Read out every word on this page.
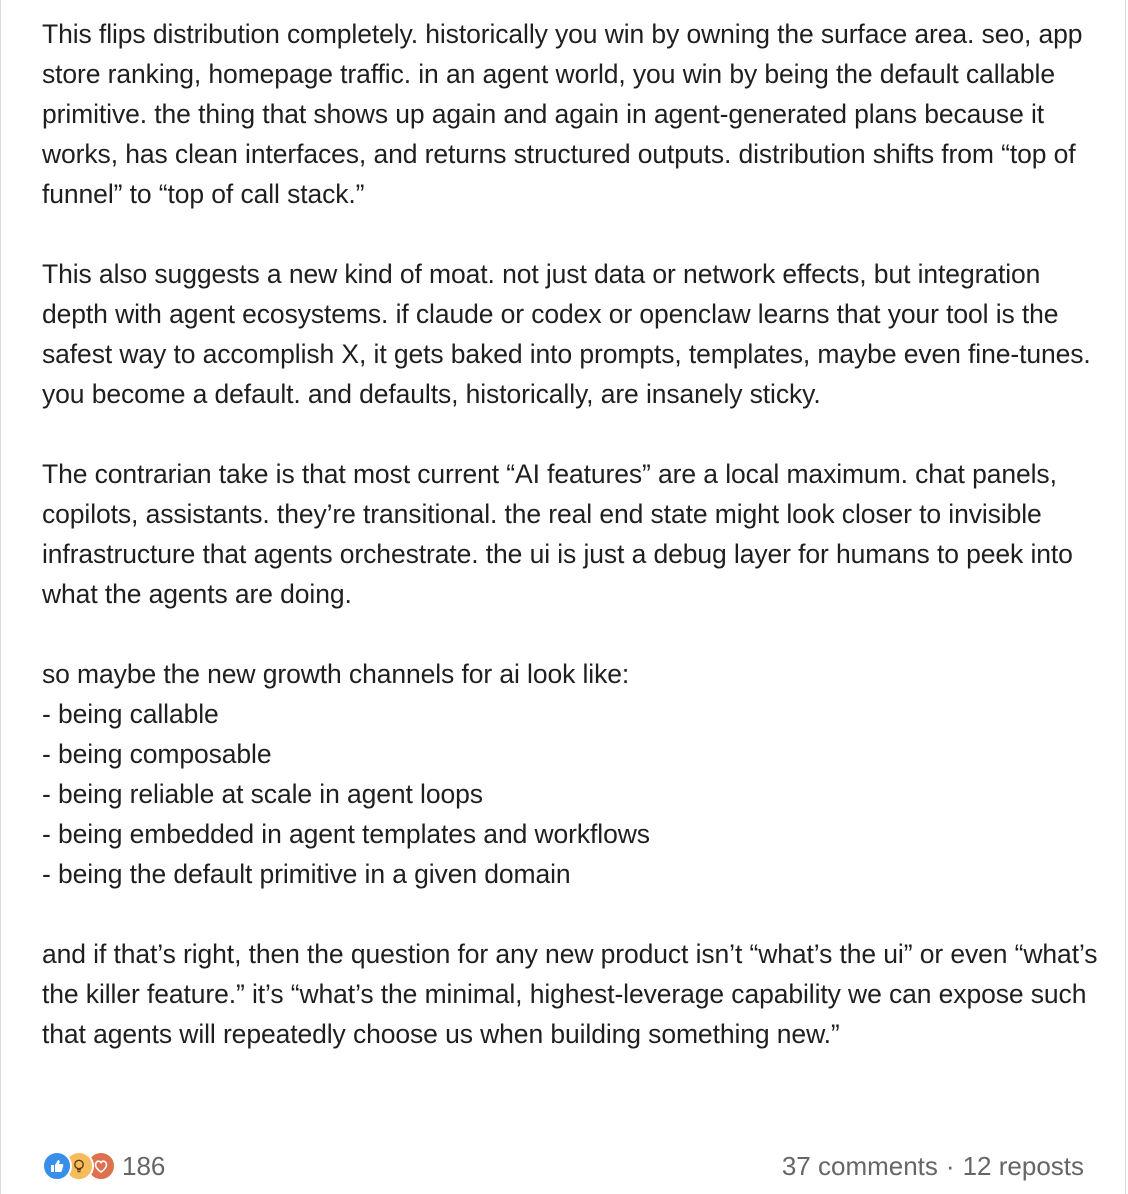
This flips distribution completely. historically you win by owning the surface area. seo, app store ranking, homepage traffic. in an agent world, you win by being the default callable primitive. the thing that shows up again and again in agent-generated plans because it works, has clean interfaces, and returns structured outputs. distribution shifts from “top of funnel” to “top of call stack.”

This also suggests a new kind of moat. not just data or network effects, but integration depth with agent ecosystems. if claude or codex or openclaw learns that your tool is the safest way to accomplish X, it gets baked into prompts, templates, maybe even fine-tunes. you become a default. and defaults, historically, are insanely sticky.

The contrarian take is that most current “AI features” are a local maximum. chat panels, copilots, assistants. they’re transitional. the real end state might look closer to invisible infrastructure that agents orchestrate. the ui is just a debug layer for humans to peek into what the agents are doing.

so maybe the new growth channels for ai look like:

- being callable
- being composable
- being reliable at scale in agent loops
- being embedded in agent templates and workflows
- being the default primitive in a given domain

and if that’s right, then the question for any new product isn’t “what’s the ui” or even “what’s the killer feature.” it’s “what’s the minimal, highest-leverage capability we can expose such that agents will repeatedly choose us when building something new.”

186	37 comments · 12 reposts
